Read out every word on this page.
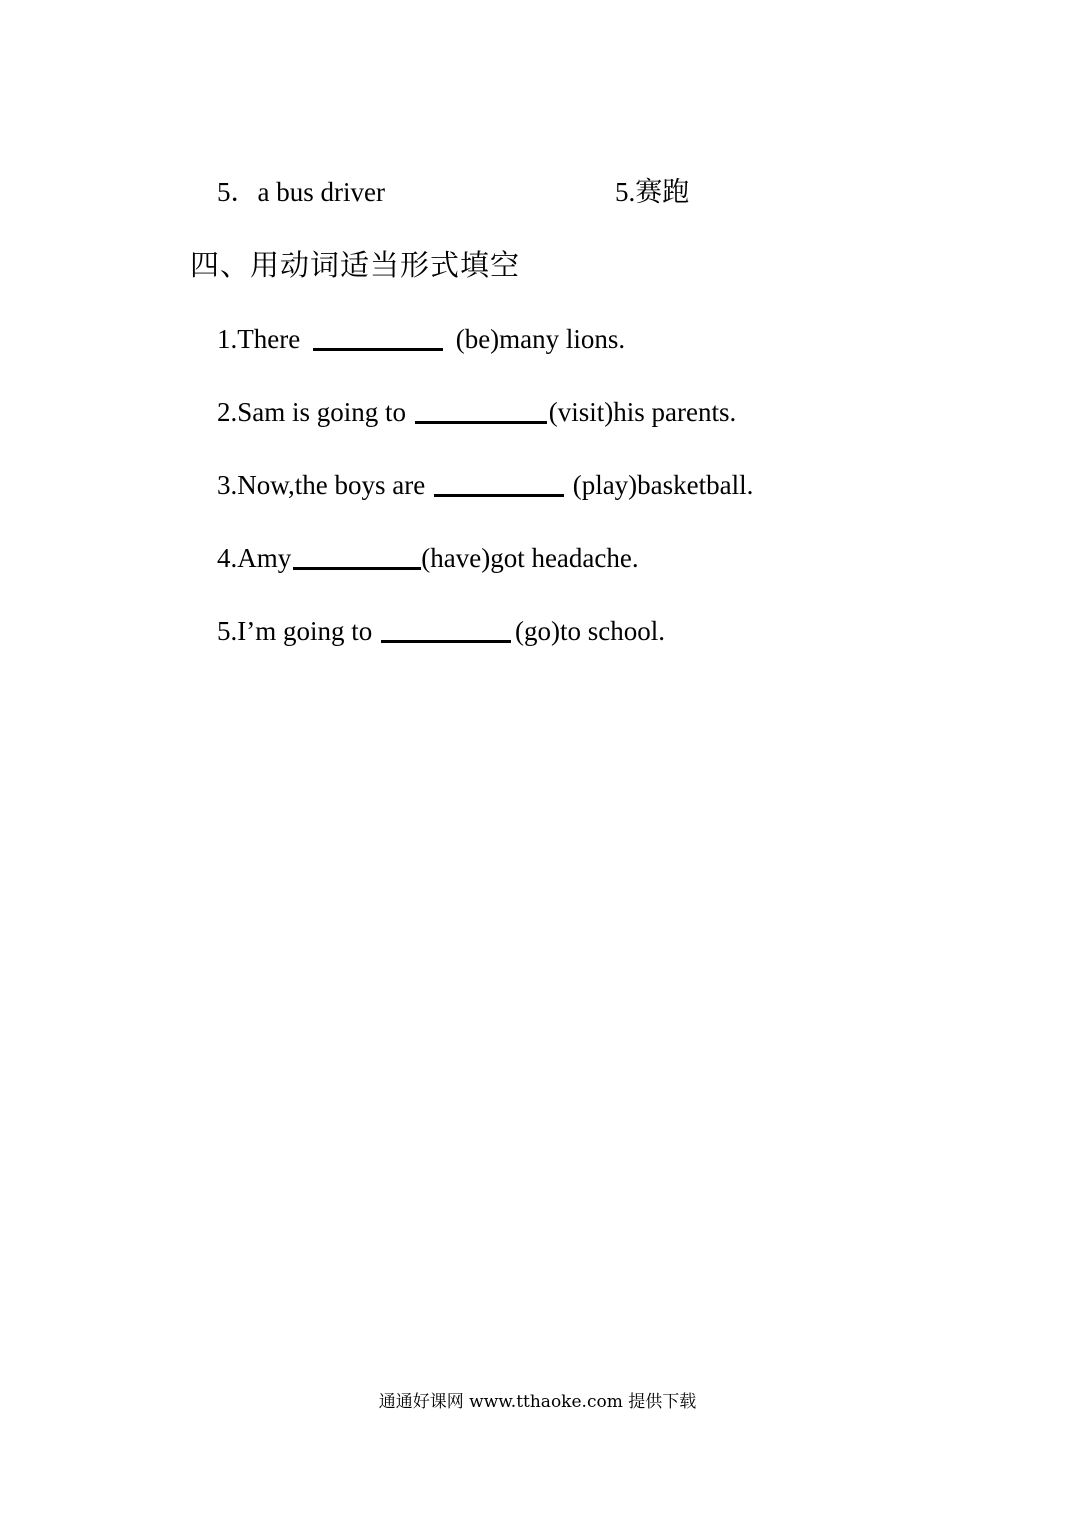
5．a bus driver	5.赛跑
四、用动词适当形式填空
1.There	(be)many lions.
2.Sam is going to	(visit)his parents.
3.Now,the boys are	(play)basketball.
4.Amy	(have)got headache.
5.I’m going to	(go)to school.
通通好课网 www.tthaoke.com 提供下载
